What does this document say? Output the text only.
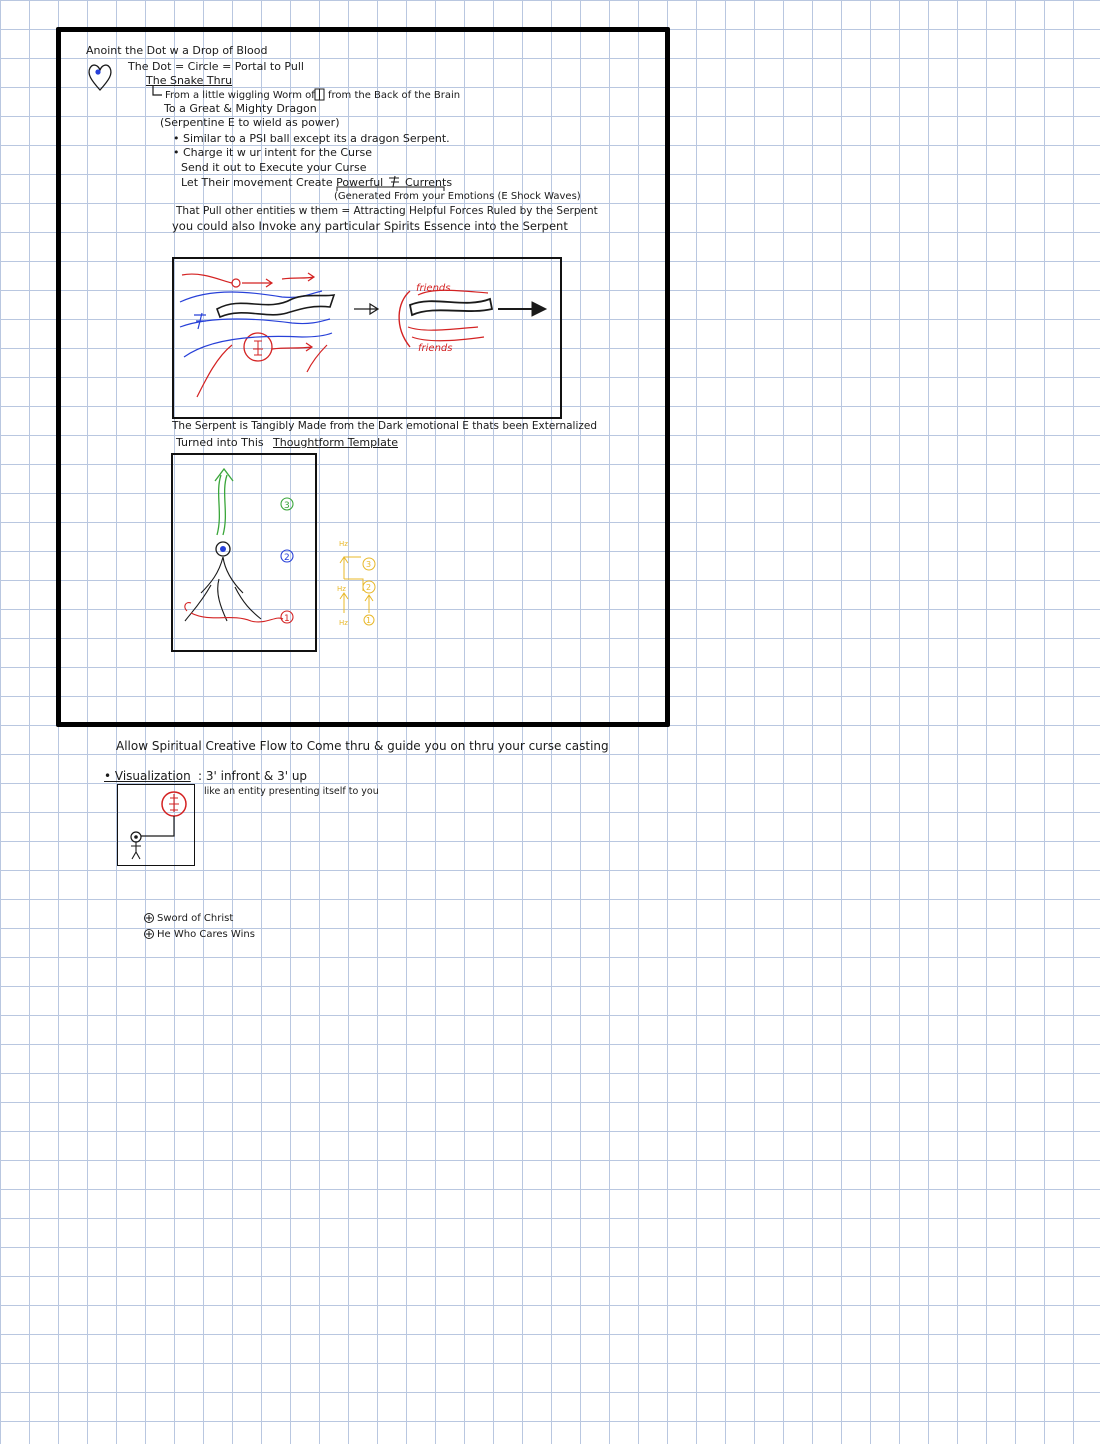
Anoint the Dot w a Drop of Blood
The Dot = Circle = Portal to Pull
The Snake Thru
From a little wiggling Worm of from the Back of the Brain
To a Great & Mighty Dragon
(Serpentine E to wield as power)
• Similar to a PSI ball except its a dragon Serpent.
• Charge it w ur intent for the Curse
Send it out to Execute your Curse
Let Their movement Create Powerful Currents
(Generated From your Emotions (E Shock Waves)
That Pull other entities w them = Attracting Helpful Forces Ruled by the Serpent
you could also Invoke any particular Spirits Essence into the Serpent
friends
friends
The Serpent is Tangibly Made from the Dark emotional E thats been Externalized
Turned into This Thoughtform Template
3
2
1
3
2
1
Hz
Hz
Hz
Allow Spiritual Creative Flow to Come thru & guide you on thru your curse casting
• Visualization : 3' infront & 3' up
like an entity presenting itself to you
Sword of Christ
He Who Cares Wins
